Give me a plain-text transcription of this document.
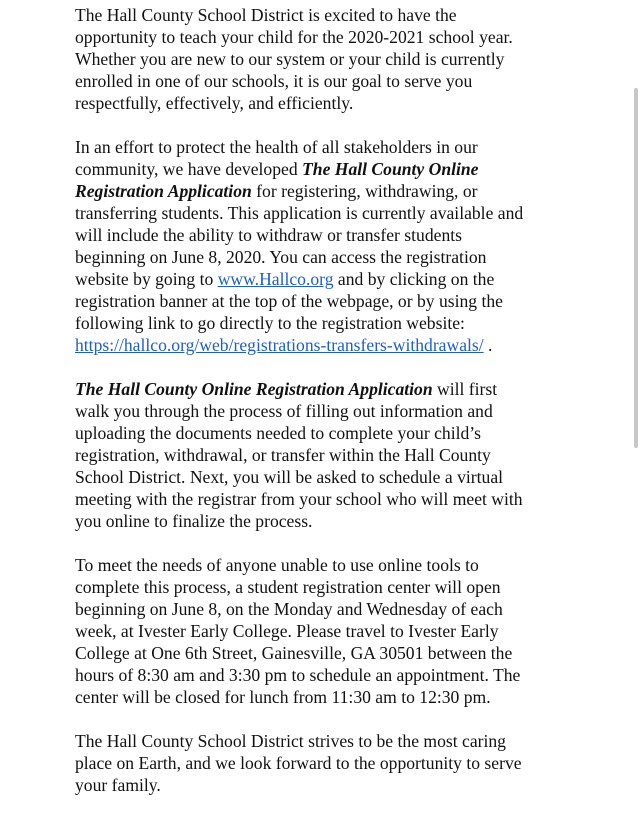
The Hall County School District is excited to have the
opportunity to teach your child for the 2020-2021 school year.
Whether you are new to our system or your child is currently
enrolled in one of our schools, it is our goal to serve you
respectfully, effectively, and efficiently.

In an effort to protect the health of all stakeholders in our
community, we have developed The Hall County Online
Registration Application for registering, withdrawing, or
transferring students. This application is currently available and
will include the ability to withdraw or transfer students
beginning on June 8, 2020. You can access the registration
website by going to www.Hallco.org and by clicking on the
registration banner at the top of the webpage, or by using the
following link to go directly to the registration website:
https://hallco.org/web/registrations-transfers-withdrawals/ .

The Hall County Online Registration Application will first
walk you through the process of filling out information and
uploading the documents needed to complete your child’s
registration, withdrawal, or transfer within the Hall County
School District. Next, you will be asked to schedule a virtual
meeting with the registrar from your school who will meet with
you online to finalize the process.

To meet the needs of anyone unable to use online tools to
complete this process, a student registration center will open
beginning on June 8, on the Monday and Wednesday of each
week, at Ivester Early College. Please travel to Ivester Early
College at One 6th Street, Gainesville, GA 30501 between the
hours of 8:30 am and 3:30 pm to schedule an appointment. The
center will be closed for lunch from 11:30 am to 12:30 pm.

The Hall County School District strives to be the most caring
place on Earth, and we look forward to the opportunity to serve
your family.
